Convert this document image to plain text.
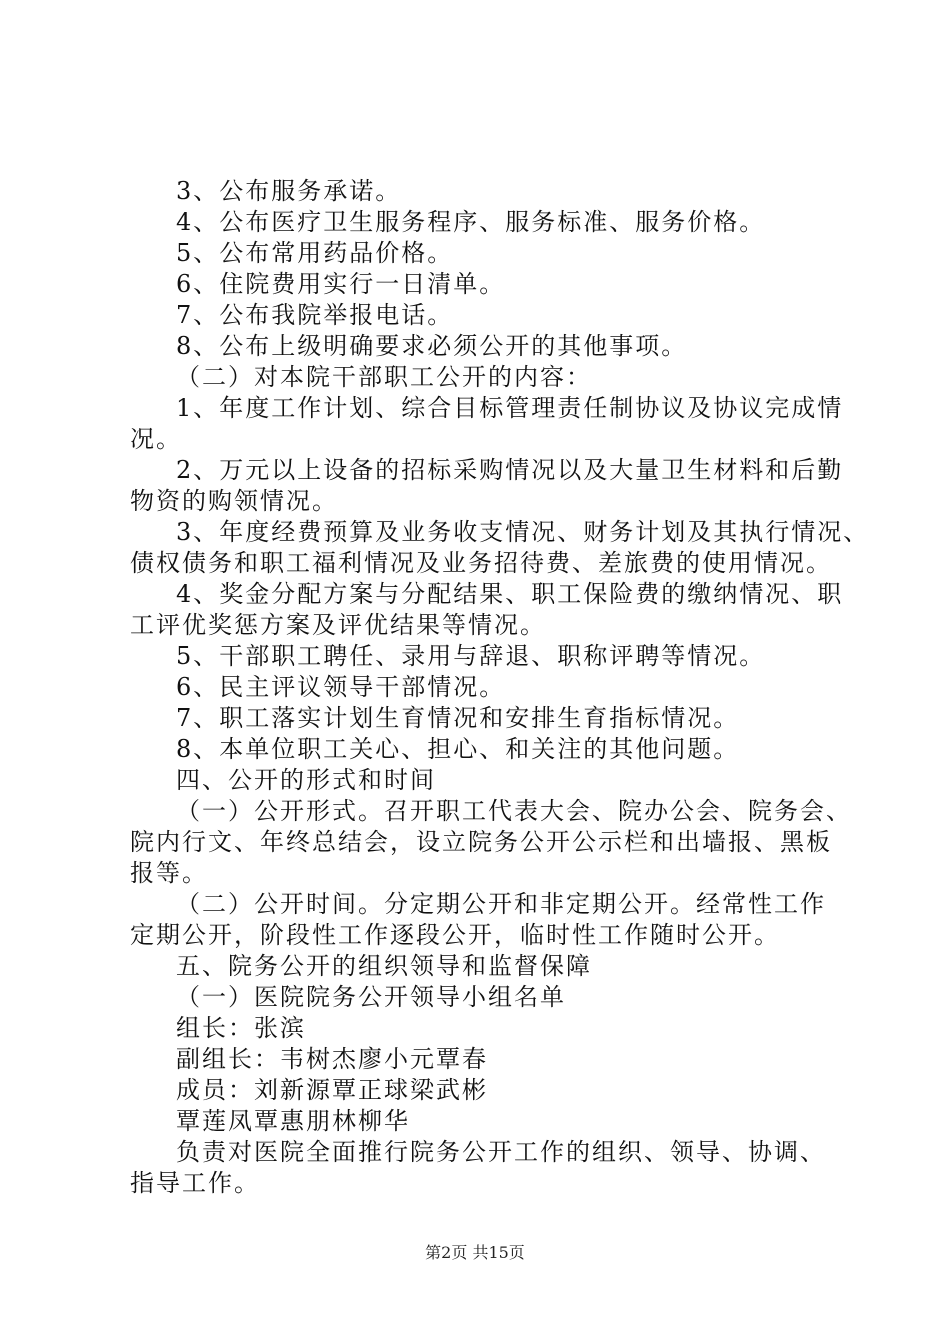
3、公布服务承诺。
4、公布医疗卫生服务程序、服务标准、服务价格。
5、公布常用药品价格。
6、住院费用实行一日清单。
7、公布我院举报电话。
8、公布上级明确要求必须公开的其他事项。
（二）对本院干部职工公开的内容：
1、年度工作计划、综合目标管理责任制协议及协议完成情
况。
2、万元以上设备的招标采购情况以及大量卫生材料和后勤
物资的购领情况。
3、年度经费预算及业务收支情况、财务计划及其执行情况、
债权债务和职工福利情况及业务招待费、差旅费的使用情况。
4、奖金分配方案与分配结果、职工保险费的缴纳情况、职
工评优奖惩方案及评优结果等情况。
5、干部职工聘任、录用与辞退、职称评聘等情况。
6、民主评议领导干部情况。
7、职工落实计划生育情况和安排生育指标情况。
8、本单位职工关心、担心、和关注的其他问题。
四、公开的形式和时间
（一）公开形式。召开职工代表大会、院办公会、院务会、
院内行文、年终总结会，设立院务公开公示栏和出墙报、黑板
报等。
（二）公开时间。分定期公开和非定期公开。经常性工作
定期公开，阶段性工作逐段公开，临时性工作随时公开。
五、院务公开的组织领导和监督保障
（一）医院院务公开领导小组名单
组长：张滨
副组长：韦树杰廖小元覃春
成员：刘新源覃正球梁武彬
覃莲凤覃惠朋林柳华
负责对医院全面推行院务公开工作的组织、领导、协调、
指导工作。
第2页 共15页
